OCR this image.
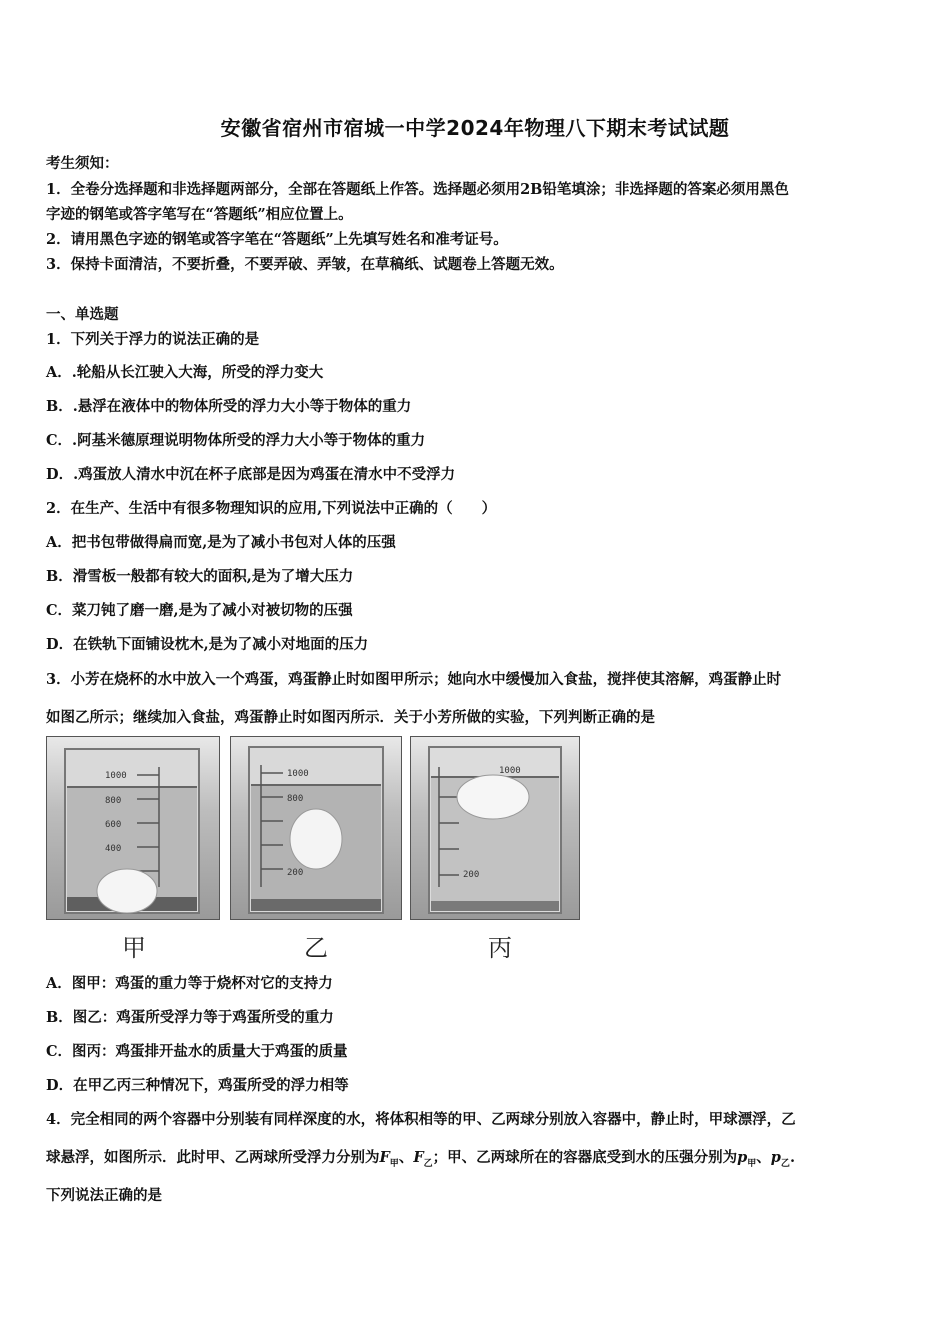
安徽省宿州市宿城一中学2024年物理八下期末考试试题
考生须知：
1．全卷分选择题和非选择题两部分，全部在答题纸上作答。选择题必须用2B铅笔填涂；非选择题的答案必须用黑色
字迹的钢笔或答字笔写在“答题纸”相应位置上。
2．请用黑色字迹的钢笔或答字笔在“答题纸”上先填写姓名和准考证号。
3．保持卡面清洁，不要折叠，不要弄破、弄皱，在草稿纸、试题卷上答题无效。
一、单选题
1．下列关于浮力的说法正确的是
A．.轮船从长江驶入大海，所受的浮力变大
B．.悬浮在液体中的物体所受的浮力大小等于物体的重力
C．.阿基米德原理说明物体所受的浮力大小等于物体的重力
D．.鸡蛋放人清水中沉在杯子底部是因为鸡蛋在清水中不受浮力
2．在生产、生活中有很多物理知识的应用,下列说法中正确的（　　）
A．把书包带做得扁而宽,是为了减小书包对人体的压强
B．滑雪板一般都有较大的面积,是为了增大压力
C．菜刀钝了磨一磨,是为了减小对被切物的压强
D．在铁轨下面铺设枕木,是为了减小对地面的压力
3．小芳在烧杯的水中放入一个鸡蛋，鸡蛋静止时如图甲所示；她向水中缓慢加入食盐，搅拌使其溶解，鸡蛋静止时
如图乙所示；继续加入食盐，鸡蛋静止时如图丙所示．关于小芳所做的实验，下列判断正确的是
1000
800
600
400
1000
800
200
1000
200
甲	乙	丙
A．图甲：鸡蛋的重力等于烧杯对它的支持力
B．图乙：鸡蛋所受浮力等于鸡蛋所受的重力
C．图丙：鸡蛋排开盐水的质量大于鸡蛋的质量
D．在甲乙丙三种情况下，鸡蛋所受的浮力相等
4．完全相同的两个容器中分别装有同样深度的水，将体积相等的甲、乙两球分别放入容器中，静止时，甲球漂浮，乙
球悬浮，如图所示．此时甲、乙两球所受浮力分别为$F_甲$、$F_乙$；甲、乙两球所在的容器底受到水的压强分别为$p_甲$、$p_乙$.
下列说法正确的是
